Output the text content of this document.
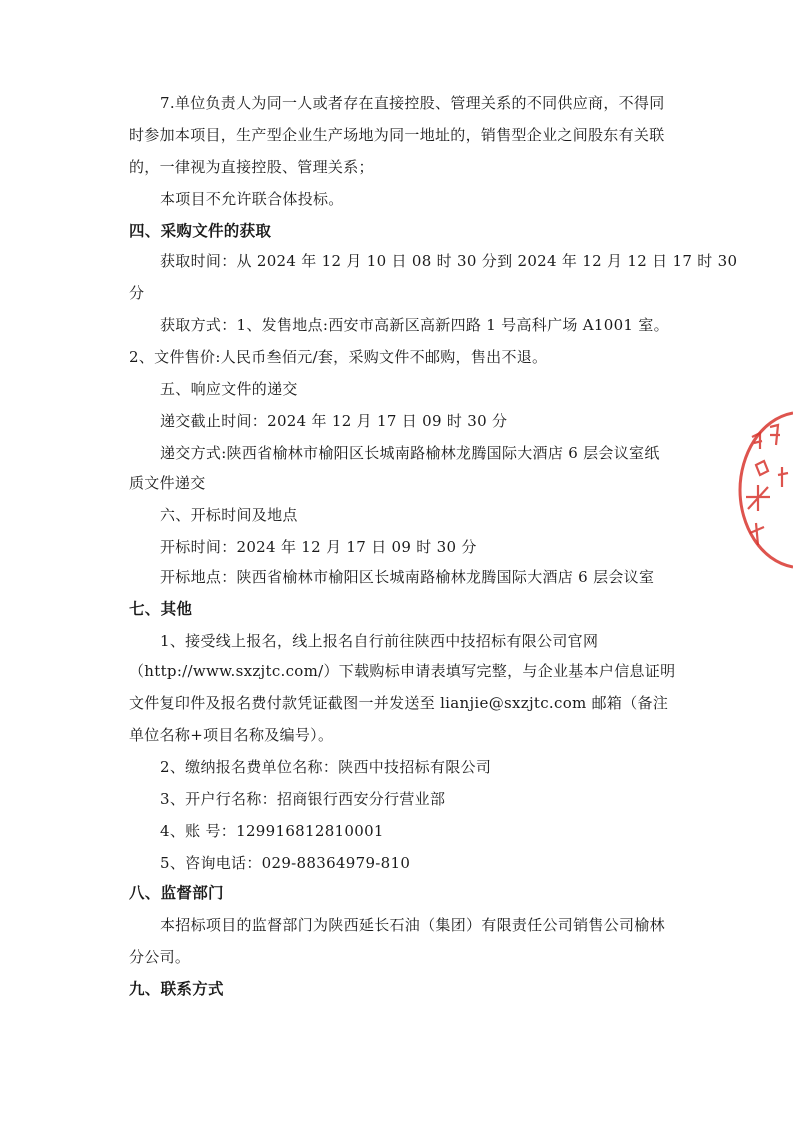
7.单位负责人为同一人或者存在直接控股、管理关系的不同供应商，不得同
时参加本项目，生产型企业生产场地为同一地址的，销售型企业之间股东有关联
的，一律视为直接控股、管理关系；
本项目不允许联合体投标。
四、采购文件的获取
获取时间：从 2024 年 12 月 10 日 08 时 30 分到 2024 年 12 月 12 日 17 时 30
分
获取方式：1、发售地点:西安市高新区高新四路 1 号高科广场 A1001 室。
2、文件售价:人民币叁佰元/套，采购文件不邮购，售出不退。
五、响应文件的递交
递交截止时间：2024 年 12 月 17 日 09 时 30 分
递交方式:陕西省榆林市榆阳区长城南路榆林龙腾国际大酒店 6 层会议室纸
质文件递交
六、开标时间及地点
开标时间：2024 年 12 月 17 日 09 时 30 分
开标地点：陕西省榆林市榆阳区长城南路榆林龙腾国际大酒店 6 层会议室
七、其他
1、接受线上报名，线上报名自行前往陕西中技招标有限公司官网
（http://www.sxzjtc.com/）下载购标申请表填写完整，与企业基本户信息证明
文件复印件及报名费付款凭证截图一并发送至 lianjie@sxzjtc.com 邮箱（备注
单位名称+项目名称及编号）。
2、缴纳报名费单位名称：陕西中技招标有限公司
3、开户行名称：招商银行西安分行营业部
4、账 号：129916812810001
5、咨询电话：029-88364979-810
八、监督部门
本招标项目的监督部门为陕西延长石油（集团）有限责任公司销售公司榆林
分公司。
九、联系方式
